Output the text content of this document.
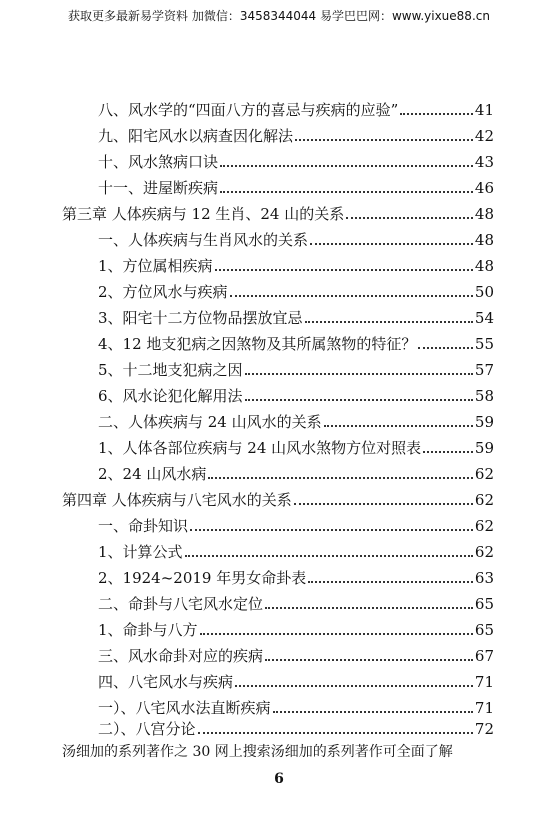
获取更多最新易学资料 加微信：3458344044 易学巴巴网：www.yixue88.cn
八、风水学的“四面八方的喜忌与疾病的应验”	41
九、阳宅风水以病查因化解法	42
十、风水煞病口诀	43
十一、进屋断疾病	46
第三章 人体疾病与 12 生肖、24 山的关系	48
一、人体疾病与生肖风水的关系	48
1、方位属相疾病	48
2、方位风水与疾病	50
3、阳宅十二方位物品摆放宜忌	54
4、12 地支犯病之因煞物及其所属煞物的特征？	55
5、十二地支犯病之因	57
6、风水论犯化解用法	58
二、人体疾病与 24 山风水的关系	59
1、人体各部位疾病与 24 山风水煞物方位对照表	59
2、24 山风水病	62
第四章 人体疾病与八宅风水的关系	62
一、命卦知识	62
1、计算公式	62
2、1924~2019 年男女命卦表	63
二、命卦与八宅风水定位	65
1、命卦与八方	65
三、风水命卦对应的疾病	67
四、八宅风水与疾病	71
一）、八宅风水法直断疾病	71
二）、八宫分论	72
汤细加的系列著作之 30 网上搜索汤细加的系列著作可全面了解
6
